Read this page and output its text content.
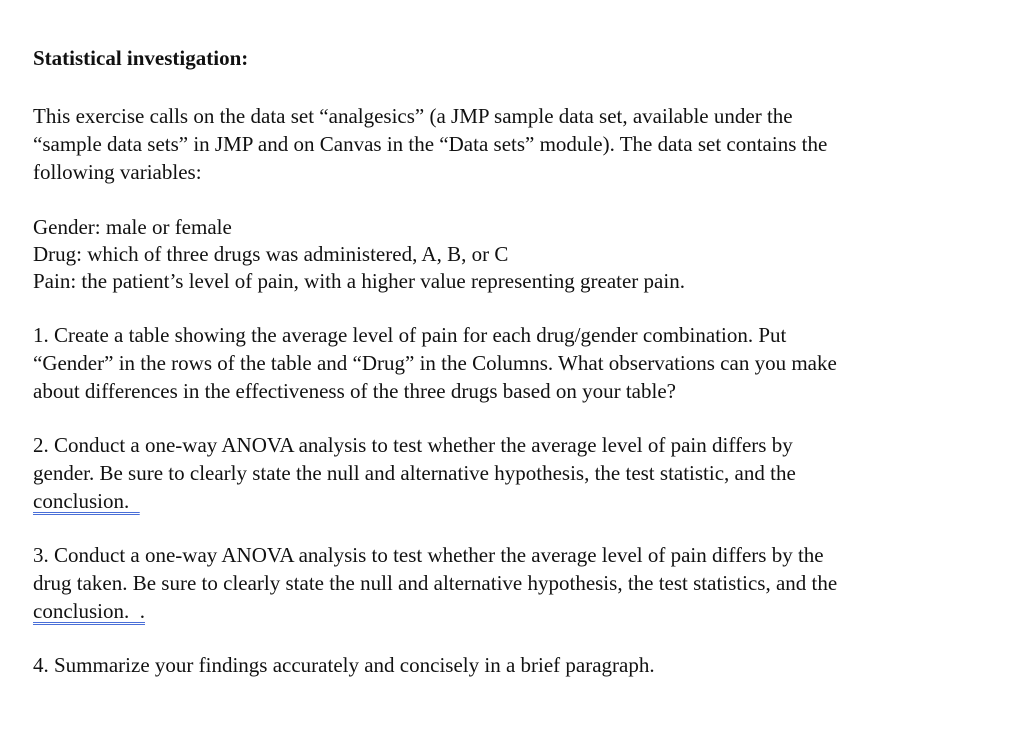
Statistical investigation:

This exercise calls on the data set “analgesics” (a JMP sample data set, available under the
“sample data sets” in JMP and on Canvas in the “Data sets” module). The data set contains the
following variables:

Gender: male or female

Drug: which of three drugs was administered, A, B, or C

Pain: the patient’s level of pain, with a higher value representing greater pain.

1. Create a table showing the average level of pain for each drug/gender combination. Put
“Gender” in the rows of the table and “Drug” in the Columns. What observations can you make
about differences in the effectiveness of the three drugs based on your table?

2. Conduct a one-way ANOVA analysis to test whether the average level of pain differs by
gender. Be sure to clearly state the null and alternative hypothesis, the test statistic, and the
conclusion.

3. Conduct a one-way ANOVA analysis to test whether the average level of pain differs by the
drug taken. Be sure to clearly state the null and alternative hypothesis, the test statistics, and the
conclusion.  .

4. Summarize your findings accurately and concisely in a brief paragraph.
